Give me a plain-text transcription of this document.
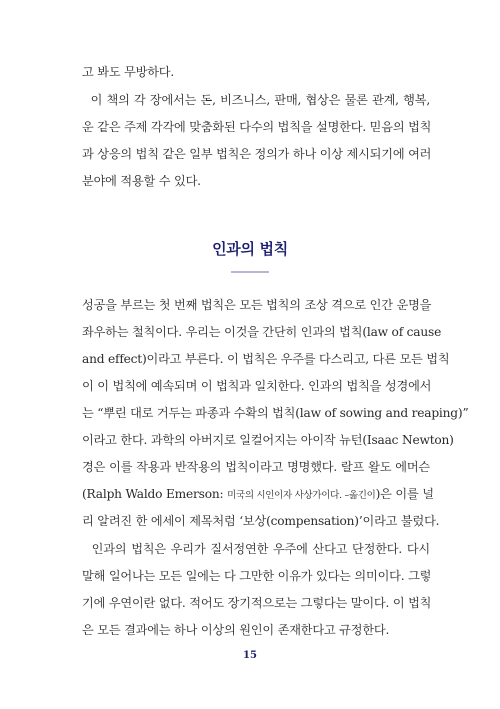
고 봐도 무방하다.
이 책의 각 장에서는 돈, 비즈니스, 판매, 협상은 물론 관계, 행복,
운 같은 주제 각각에 맞춤화된 다수의 법칙을 설명한다. 믿음의 법칙
과 상응의 법칙 같은 일부 법칙은 정의가 하나 이상 제시되기에 여러
분야에 적용할 수 있다.
인과의 법칙
성공을 부르는 첫 번째 법칙은 모든 법칙의 조상 격으로 인간 운명을
좌우하는 철칙이다. 우리는 이것을 간단히 인과의 법칙(law of cause
and effect)이라고 부른다. 이 법칙은 우주를 다스리고, 다른 모든 법칙
이 이 법칙에 예속되며 이 법칙과 일치한다. 인과의 법칙을 성경에서
는 “뿌린 대로 거두는 파종과 수확의 법칙(law of sowing and reaping)”
이라고 한다. 과학의 아버지로 일컬어지는 아이작 뉴턴(Isaac Newton)
경은 이를 작용과 반작용의 법칙이라고 명명했다. 랄프 왈도 에머슨
(Ralph Waldo Emerson: 미국의 시인이자 사상가이다. –옮긴이)은 이를 널
리 알려진 한 에세이 제목처럼 ‘보상(compensation)’이라고 불렀다.
인과의 법칙은 우리가 질서정연한 우주에 산다고 단정한다. 다시
말해 일어나는 모든 일에는 다 그만한 이유가 있다는 의미이다. 그렇
기에 우연이란 없다. 적어도 장기적으로는 그렇다는 말이다. 이 법칙
은 모든 결과에는 하나 이상의 원인이 존재한다고 규정한다.
15
